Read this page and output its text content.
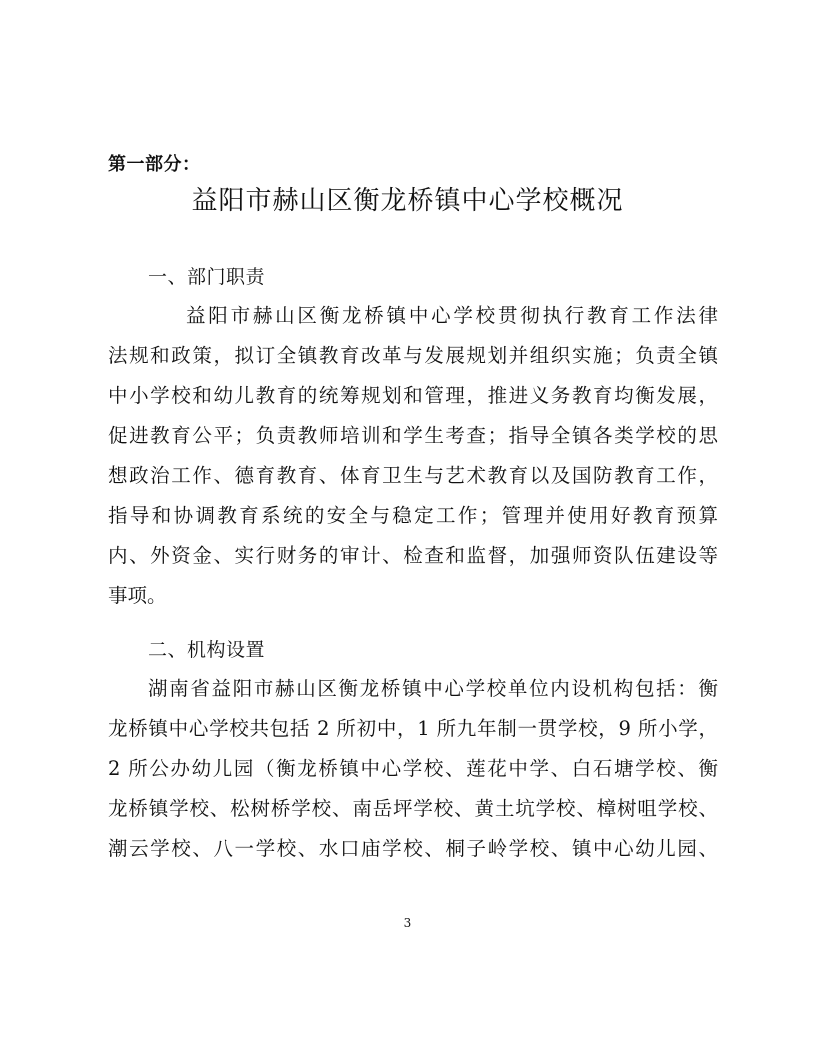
第一部分：
益阳市赫山区衡龙桥镇中心学校概况
一、部门职责
益阳市赫山区衡龙桥镇中心学校贯彻执行教育工作法律
法规和政策，拟订全镇教育改革与发展规划并组织实施；负责全镇
中小学校和幼儿教育的统筹规划和管理，推进义务教育均衡发展，
促进教育公平；负责教师培训和学生考查；指导全镇各类学校的思
想政治工作、德育教育、体育卫生与艺术教育以及国防教育工作，
指导和协调教育系统的安全与稳定工作；管理并使用好教育预算
内、外资金、实行财务的审计、检查和监督，加强师资队伍建设等
事项。
二、机构设置
湖南省益阳市赫山区衡龙桥镇中心学校单位内设机构包括：衡
龙桥镇中心学校共包括 2 所初中，1 所九年制一贯学校，9 所小学，
2 所公办幼儿园（衡龙桥镇中心学校、莲花中学、白石塘学校、衡
龙桥镇学校、松树桥学校、南岳坪学校、黄土坑学校、樟树咀学校、
潮云学校、八一学校、水口庙学校、桐子岭学校、镇中心幼儿园、
3
